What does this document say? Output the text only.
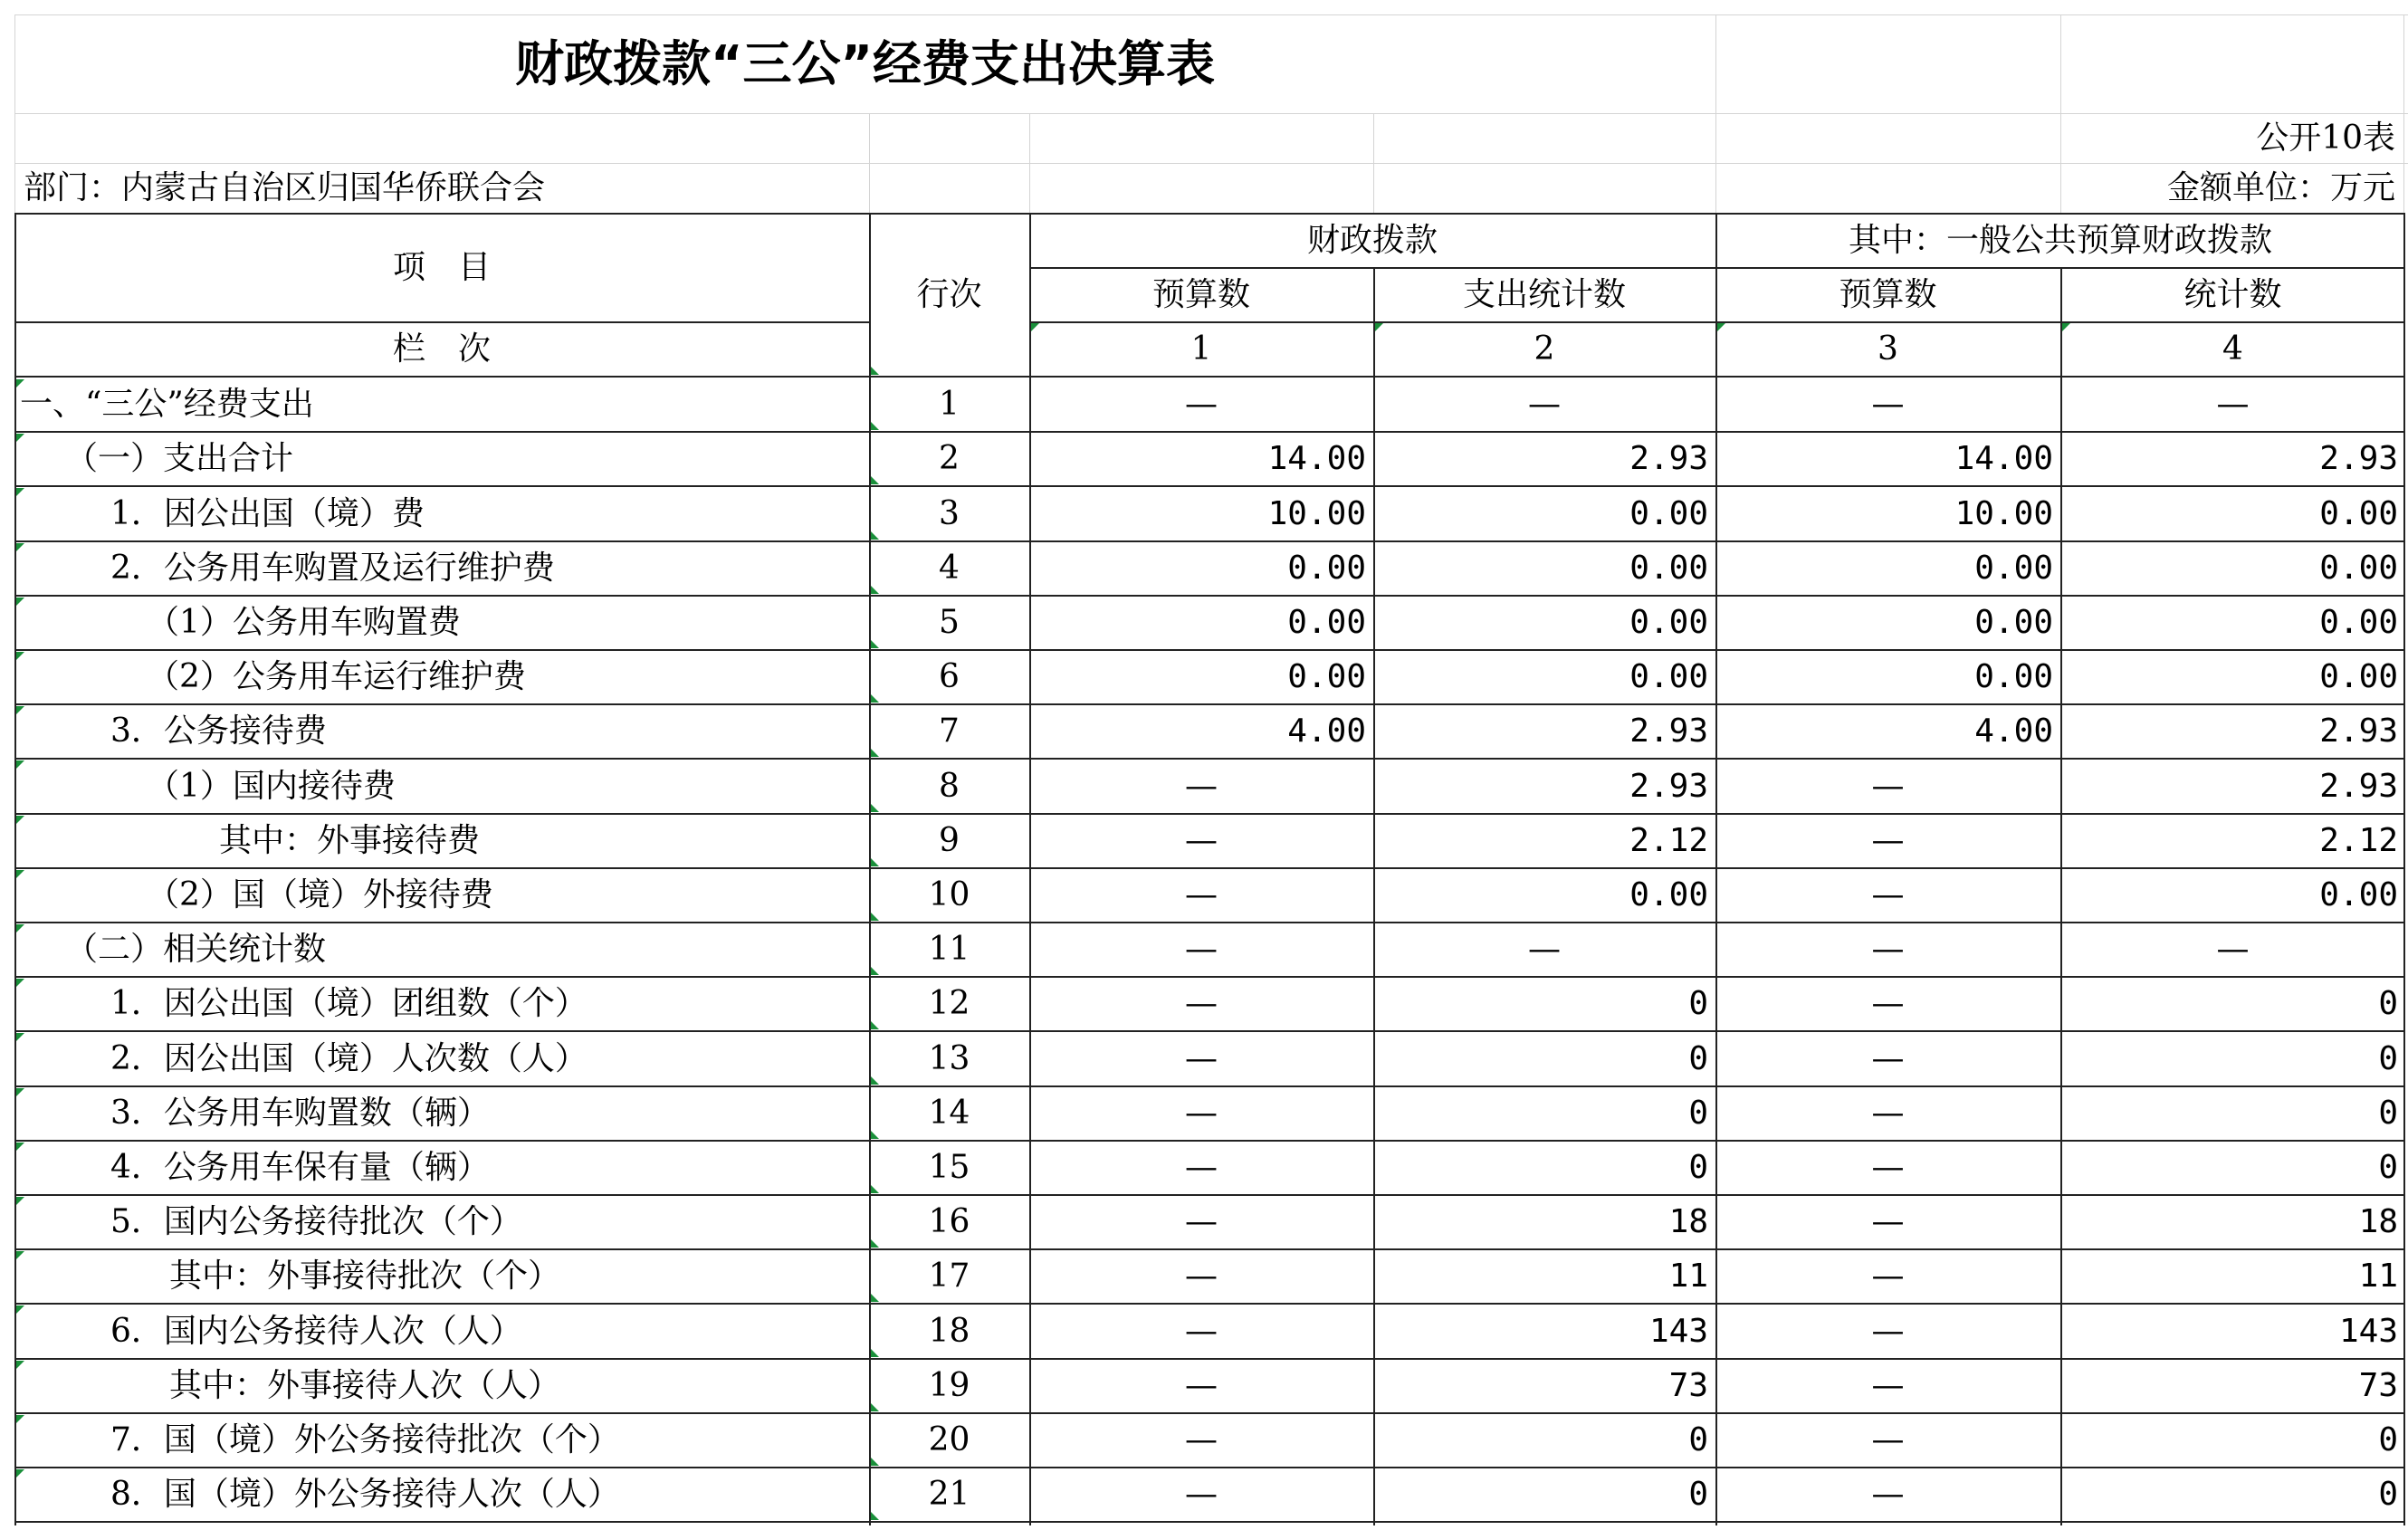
财政拨款“三公”经费支出决算表
公开10表
部门：内蒙古自治区归国华侨联合会	金额单位：万元
项　目
栏　次
行次
财政拨款	其中：一般公共预算财政拨款
预算数	支出统计数	预算数	统计数
1	2	3	4
一、“三公”经费支出	1	—	—	—	—
（一）支出合计	2	14.00	2.93	14.00	2.93
1．因公出国（境）费	3	10.00	0.00	10.00	0.00
2．公务用车购置及运行维护费	4	0.00	0.00	0.00	0.00
（1）公务用车购置费	5	0.00	0.00	0.00	0.00
（2）公务用车运行维护费	6	0.00	0.00	0.00	0.00
3．公务接待费	7	4.00	2.93	4.00	2.93
（1）国内接待费	8	—	2.93	—	2.93
其中：外事接待费	9	—	2.12	—	2.12
（2）国（境）外接待费	10	—	0.00	—	0.00
（二）相关统计数	11	—	—	—	—
1．因公出国（境）团组数（个）	12	—	0	—	0
2．因公出国（境）人次数（人）	13	—	0	—	0
3．公务用车购置数（辆）	14	—	0	—	0
4．公务用车保有量（辆）	15	—	0	—	0
5．国内公务接待批次（个）	16	—	18	—	18
其中：外事接待批次（个）	17	—	11	—	11
6．国内公务接待人次（人）	18	—	143	—	143
其中：外事接待人次（人）	19	—	73	—	73
7．国（境）外公务接待批次（个）	20	—	0	—	0
8．国（境）外公务接待人次（人）	21	—	0	—	0
